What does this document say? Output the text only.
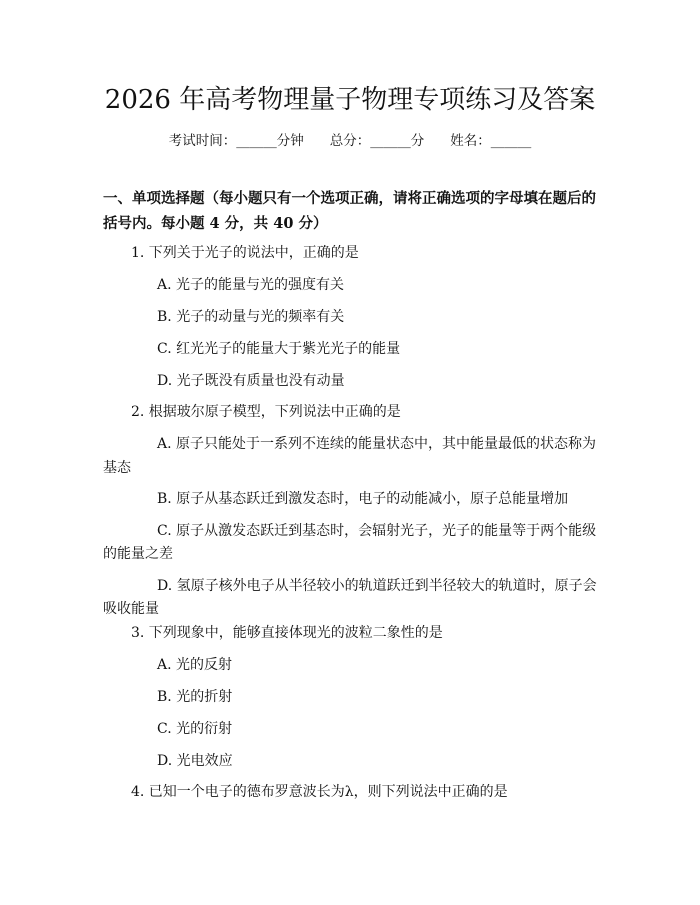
2026 年高考物理量子物理专项练习及答案
考试时间：______分钟 总分：______分 姓名：______
一、单项选择题（每小题只有一个选项正确，请将正确选项的字母填在题后的括号内。每小题 4 分，共 40 分）
1. 下列关于光子的说法中，正确的是
A. 光子的能量与光的强度有关
B. 光子的动量与光的频率有关
C. 红光光子的能量大于紫光光子的能量
D. 光子既没有质量也没有动量
2. 根据玻尔原子模型，下列说法中正确的是
A. 原子只能处于一系列不连续的能量状态中，其中能量最低的状态称为
基态
B. 原子从基态跃迁到激发态时，电子的动能减小，原子总能量增加
C. 原子从激发态跃迁到基态时，会辐射光子，光子的能量等于两个能级
的能量之差
D. 氢原子核外电子从半径较小的轨道跃迁到半径较大的轨道时，原子会
吸收能量
3. 下列现象中，能够直接体现光的波粒二象性的是
A. 光的反射
B. 光的折射
C. 光的衍射
D. 光电效应
4. 已知一个电子的德布罗意波长为λ，则下列说法中正确的是
